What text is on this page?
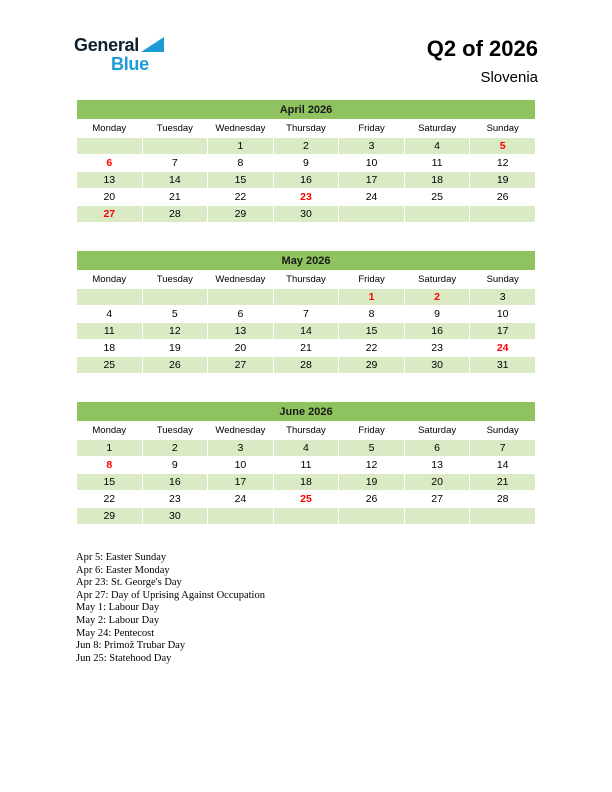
General
Blue
Q2 of 2026
Slovenia
April 2026						
Monday	Tuesday	Wednesday	Thursday	Friday	Saturday	Sunday
		1	2	3	4	5
6	7	8	9	10	11	12
13	14	15	16	17	18	19
20	21	22	23	24	25	26
27	28	29	30			
May 2026						
Monday	Tuesday	Wednesday	Thursday	Friday	Saturday	Sunday
				1	2	3
4	5	6	7	8	9	10
11	12	13	14	15	16	17
18	19	20	21	22	23	24
25	26	27	28	29	30	31
June 2026						
Monday	Tuesday	Wednesday	Thursday	Friday	Saturday	Sunday
1	2	3	4	5	6	7
8	9	10	11	12	13	14
15	16	17	18	19	20	21
22	23	24	25	26	27	28
29	30					
Apr 5: Easter Sunday
Apr 6: Easter Monday
Apr 23: St. George's Day
Apr 27: Day of Uprising Against Occupation
May 1: Labour Day
May 2: Labour Day
May 24: Pentecost
Jun 8: Primož Trubar Day
Jun 25: Statehood Day
